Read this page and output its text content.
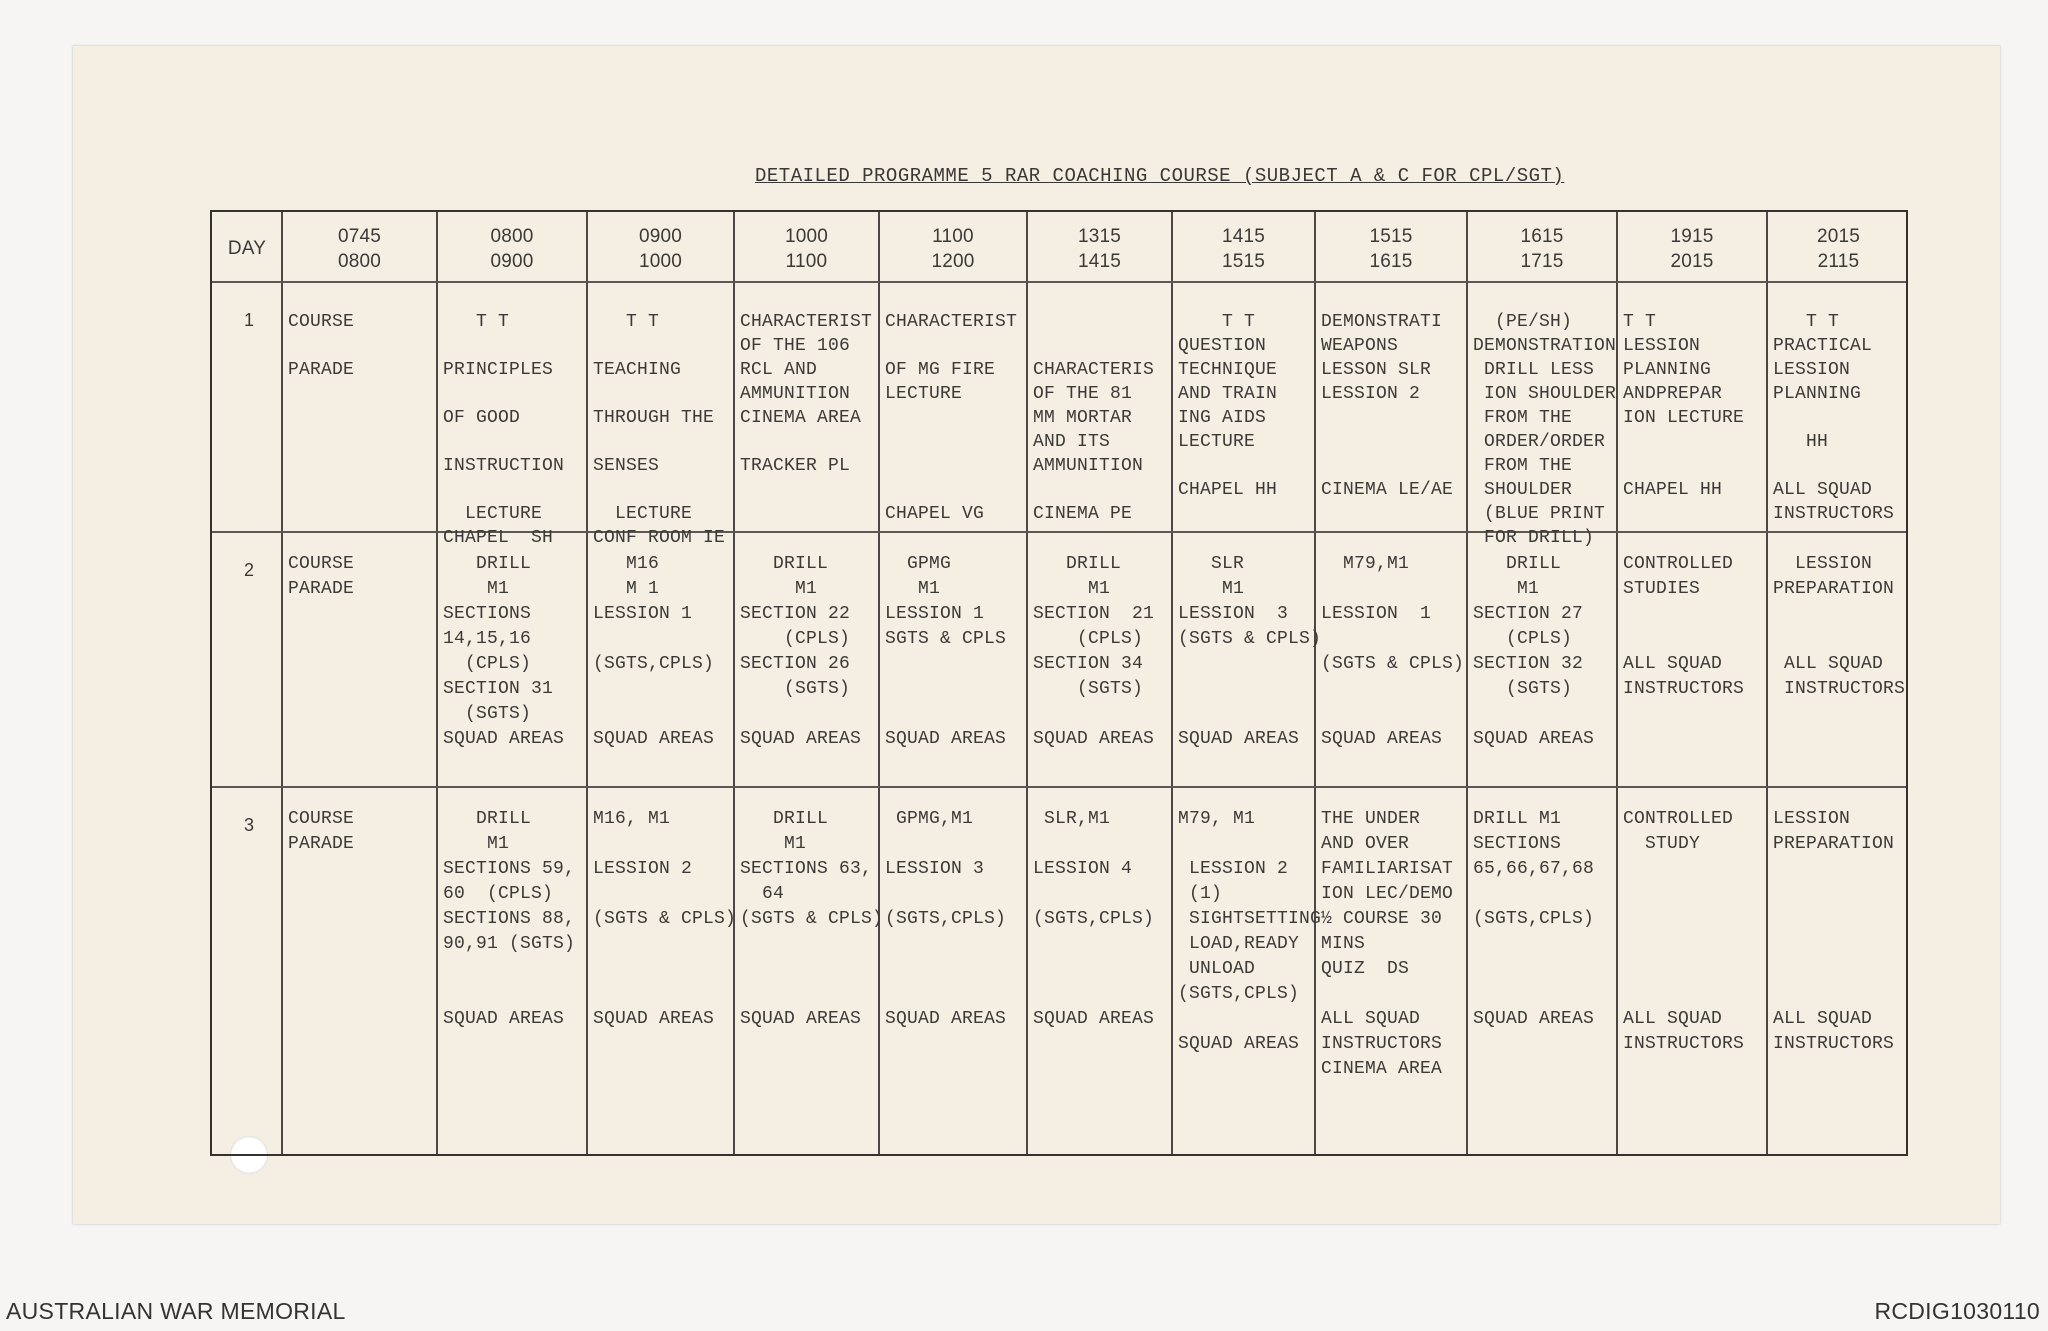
DETAILED PROGRAMME 5 RAR COACHING COURSE (SUBJECT A & C FOR CPL/SGT)
DAY
0745
0800
0800
0900
0900
1000
1000
1100
1100
1200
1315
1415
1415
1515
1515
1615
1615
1715
1915
2015
2015
2115
1 COURSE

PARADE
T T

PRINCIPLES

OF GOOD

INSTRUCTION

LECTURE
CHAPEL  SH
T T

TEACHING

THROUGH THE

SENSES

LECTURE
CONF ROOM IE
CHARACTERIST
OF THE 106
RCL AND
AMMUNITION
CINEMA AREA

TRACKER PL
CHARACTERIST

OF MG FIRE
LECTURE

CHAPEL VG

CHARACTERIS
OF THE 81
MM MORTAR
AND ITS
AMMUNITION

CINEMA PE
T T
QUESTION
TECHNIQUE
AND TRAIN
ING AIDS
LECTURE

CHAPEL HH
DEMONSTRATI
WEAPONS
LESSON SLR
LESSION 2

CINEMA LE/AE
(PE/SH)
DEMONSTRATION
DRILL LESS
ION SHOULDER
FROM THE
ORDER/ORDER
FROM THE
SHOULDER
(BLUE PRINT
FOR DRILL)
T T
LESSION
PLANNING
ANDPREPAR
ION LECTURE

CHAPEL HH
T T
PRACTICAL
LESSION
PLANNING

HH

ALL SQUAD
INSTRUCTORS
2 COURSE
PARADE
DRILL
M1
SECTIONS
14,15,16
(CPLS)
SECTION 31
(SGTS)
SQUAD AREAS
M16
M 1
LESSION 1

(SGTS,CPLS)

SQUAD AREAS
DRILL
M1
SECTION 22
(CPLS)
SECTION 26
(SGTS)

SQUAD AREAS
GPMG
M1
LESSION 1
SGTS & CPLS

SQUAD AREAS
DRILL
M1
SECTION  21
(CPLS)
SECTION 34
(SGTS)

SQUAD AREAS
SLR
M1
LESSION  3
(SGTS & CPLS)

SQUAD AREAS
M79,M1

LESSION  1

(SGTS & CPLS)

SQUAD AREAS
DRILL
M1
SECTION 27
(CPLS)
SECTION 32
(SGTS)

SQUAD AREAS
CONTROLLED
STUDIES

ALL SQUAD
INSTRUCTORS
LESSION
PREPARATION

ALL SQUAD
INSTRUCTORS
3 COURSE
PARADE
DRILL
M1
SECTIONS 59,
60  (CPLS)
SECTIONS 88,
90,91 (SGTS)

SQUAD AREAS
M16, M1

LESSION 2

(SGTS & CPLS)

SQUAD AREAS
DRILL
M1
SECTIONS 63,
64
(SGTS & CPLS)

SQUAD AREAS
GPMG,M1

LESSION 3

(SGTS,CPLS)

SQUAD AREAS
SLR,M1

LESSION 4

(SGTS,CPLS)

SQUAD AREAS
M79, M1

LESSION 2
(1)
SIGHTSETTING
LOAD,READY
UNLOAD
(SGTS,CPLS)

SQUAD AREAS
THE UNDER
AND OVER
FAMILIARISAT
ION LEC/DEMO
½ COURSE 30
MINS
QUIZ  DS

ALL SQUAD
INSTRUCTORS
CINEMA AREA
DRILL M1
SECTIONS
65,66,67,68

(SGTS,CPLS)

SQUAD AREAS
CONTROLLED
STUDY

ALL SQUAD
INSTRUCTORS
LESSION
PREPARATION

ALL SQUAD
INSTRUCTORS
AUSTRALIAN WAR MEMORIAL	RCDIG1030110
